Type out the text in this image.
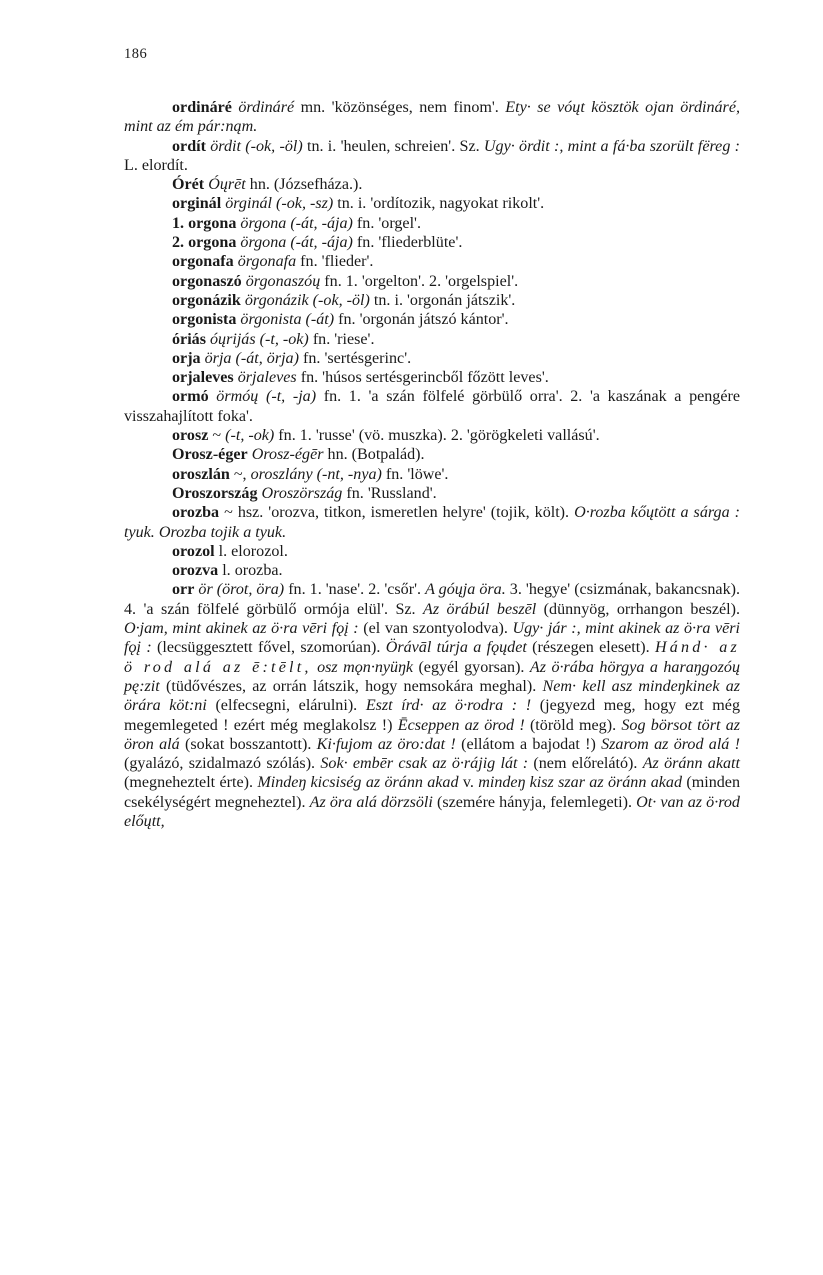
186

ordináré ördináré mn. 'közönséges, nem finom'. Ety· se vóųt kösztök ojan ördináré, mint az ém pár:nąm.

ordít ördit (-ok, -öl) tn. i. 'heulen, schreien'. Sz. Ugy· ördit :, mint a fá·ba szorült fëreg : L. elordít.

Órét Óųrēt hn. (Józsefháza.).

orginál örginál (-ok, -sz) tn. i. 'ordítozik, nagyokat rikolt'.

1. orgona örgona (-át, -ája) fn. 'orgel'.

2. orgona örgona (-át, -ája) fn. 'fliederblüte'.

orgonafa örgonafa fn. 'flieder'.

orgonaszó örgonaszóų fn. 1. 'orgelton'. 2. 'orgelspiel'.

orgonázik örgonázik (-ok, -öl) tn. i. 'orgonán játszik'.

orgonista örgonista (-át) fn. 'orgonán játszó kántor'.

óriás óųrijás (-t, -ok) fn. 'riese'.

orja örja (-át, örja) fn. 'sertésgerinc'.

orjaleves örjaleves fn. 'húsos sertésgerincből főzött leves'.

ormó örmóų (-t, -ja) fn. 1. 'a szán fölfelé görbülő orra'. 2. 'a kaszának a pengére visszahajlított foka'.

orosz ~ (-t, -ok) fn. 1. 'russe' (vö. muszka). 2. 'görögkeleti vallású'.

Orosz-éger Orosz-égēr hn. (Botpalád).

oroszlán ~, oroszlány (-nt, -nya) fn. 'löwe'.

Oroszország Oroszörszág fn. 'Russland'.

orozba ~ hsz. 'orozva, titkon, ismeretlen helyre' (tojik, költ). O·rozba kőųtött a sárga : tyuk. Orozba tojik a tyuk.

orozol l. elorozol.

orozva l. orozba.

orr ör (örot, öra) fn. 1. 'nase'. 2. 'csőr'. A góųja öra. 3. 'hegye' (csizmának, bakancsnak). 4. 'a szán fölfelé görbülő ormója elül'. Sz. Az örábúl beszēl (dünnyög, orrhangon beszél). O·jam, mint akinek az ö·ra vēri fǫį : (el van szontyolodva). Ugy· jár :, mint akinek az ö·ra vēri fǫį : (lecsüggesztett fővel, szomorúan). Örávāl túrja a fǫųdet (részegen elesett). Hánd· az ö rod alá az ē:tēlt, osz mǫn·nyüŋk (egyél gyorsan). Az ö·rába hörgya a haraŋgozóų pę:zit (tüdővészes, az orrán látszik, hogy nemsokára meghal). Nem· kell asz mindeŋkinek az örára köt:ni (elfecsegni, elárulni). Eszt írd· az ö·rodra : ! (jegyezd meg, hogy ezt még megemlegeted ! ezért még meglakolsz !) Ēcseppen az örod ! (töröld meg). Sog börsot tört az öron alá (sokat bosszantott). Ki·fujom az öro:dat ! (ellátom a bajodat !) Szarom az örod alá ! (gyalázó, szidalmazó szólás). Sok· embēr csak az ö·rájig lát : (nem előrelátó). Az öránn akatt (megneheztelt érte). Mindeŋ kicsiség az öránn akad v. mindeŋ kisz szar az öránn akad (minden csekélységért megneheztel). Az öra alá dörzsöli (szemére hányja, felemlegeti). Ot· van az ö·rod előųtt,
